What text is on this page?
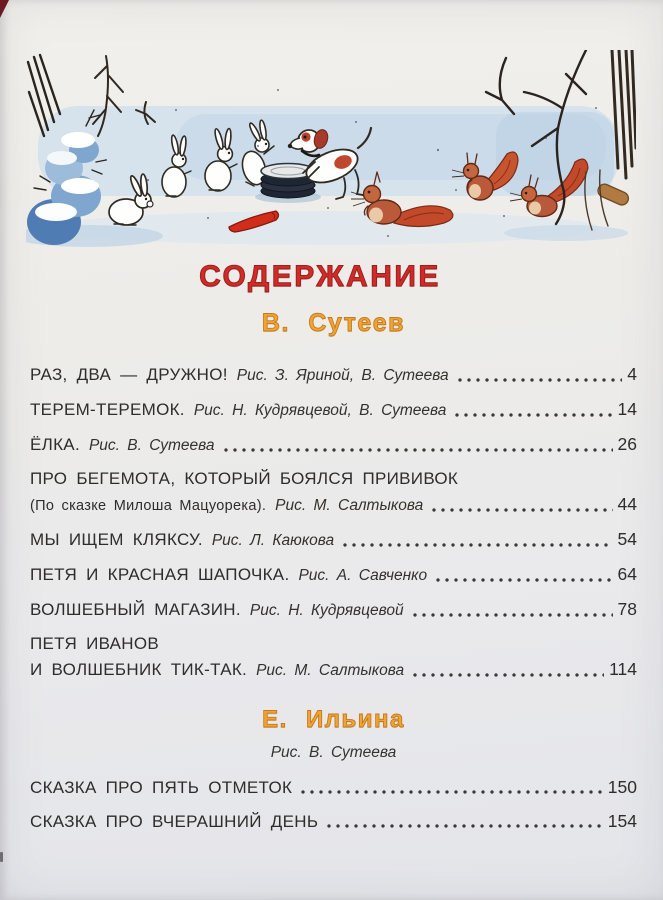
СОДЕРЖАНИЕ
В. Сутеев
РАЗ, ДВА — ДРУЖНО! Рис. З. Яриной, В. Сутеева	4
ТЕРЕМ-ТЕРЕМОК. Рис. Н. Кудрявцевой, В. Сутеева	14
ЁЛКА. Рис. В. Сутеева	26
ПРО БЕГЕМОТА, КОТОРЫЙ БОЯЛСЯ ПРИВИВОК
(По сказке Милоша Мацуорека). Рис. М. Салтыкова	44
МЫ ИЩЕМ КЛЯКСУ. Рис. Л. Каюкова	54
ПЕТЯ И КРАСНАЯ ШАПОЧКА. Рис. А. Савченко	64
ВОЛШЕБНЫЙ МАГАЗИН. Рис. Н. Кудрявцевой	78
ПЕТЯ ИВАНОВ
И ВОЛШЕБНИК ТИК-ТАК. Рис. М. Салтыкова	114
Е. Ильина
Рис. В. Сутеева
СКАЗКА ПРО ПЯТЬ ОТМЕТОК	150
СКАЗКА ПРО ВЧЕРАШНИЙ ДЕНЬ	154
